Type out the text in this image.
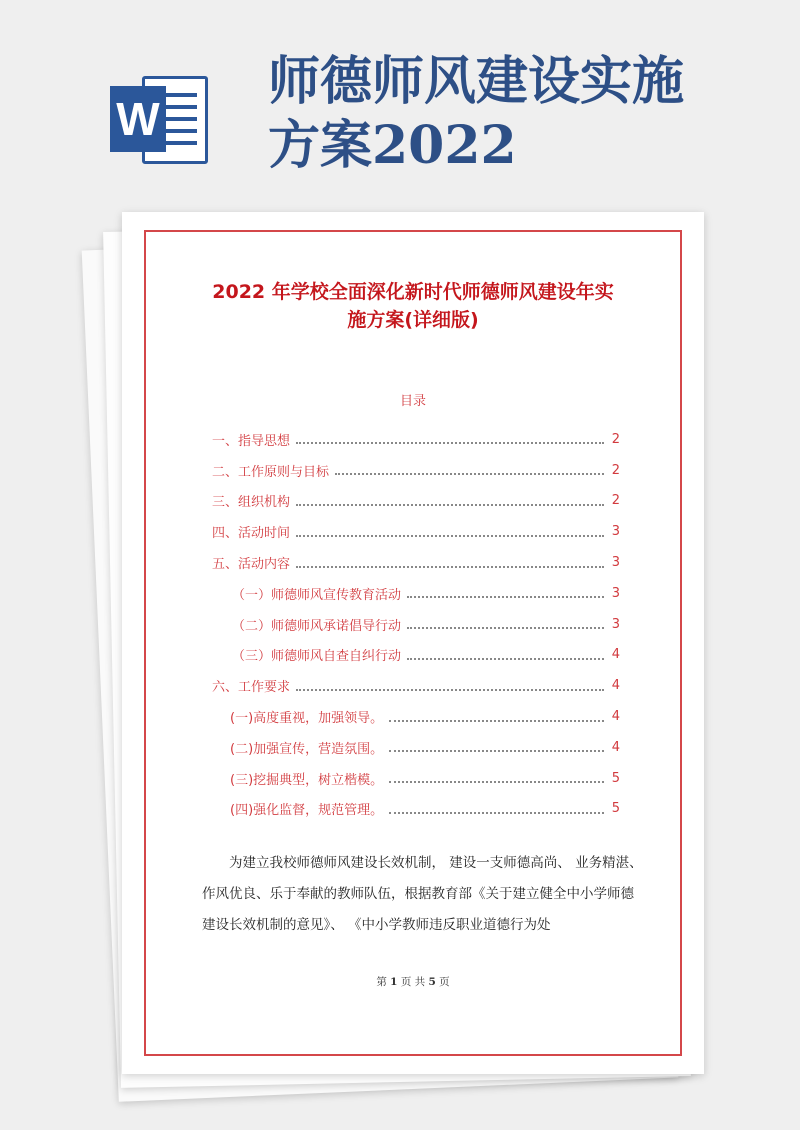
W
师德师风建设实施
方案2022
2022 年学校全面深化新时代师德师风建设年实
施方案(详细版)
目录
一、指导思想	2
二、工作原则与目标	2
三、组织机构	2
四、活动时间	3
五、活动内容	3
（一）师德师风宣传教育活动	3
（二）师德师风承诺倡导行动	3
（三）师德师风自查自纠行动	4
六、工作要求	4
(一)高度重视，加强领导。	4
(二)加强宣传，营造氛围。	4
(三)挖掘典型，树立楷模。	5
(四)强化监督，规范管理。	5

为建立我校师德师风建设长效机制， 建设一支师德高尚、 业务精湛、作风优良、乐于奉献的教师队伍，根据教育部《关于建立健全中小学师德建设长效机制的意见》、 《中小学教师违反职业道德行为处

第 1 页 共 5 页
